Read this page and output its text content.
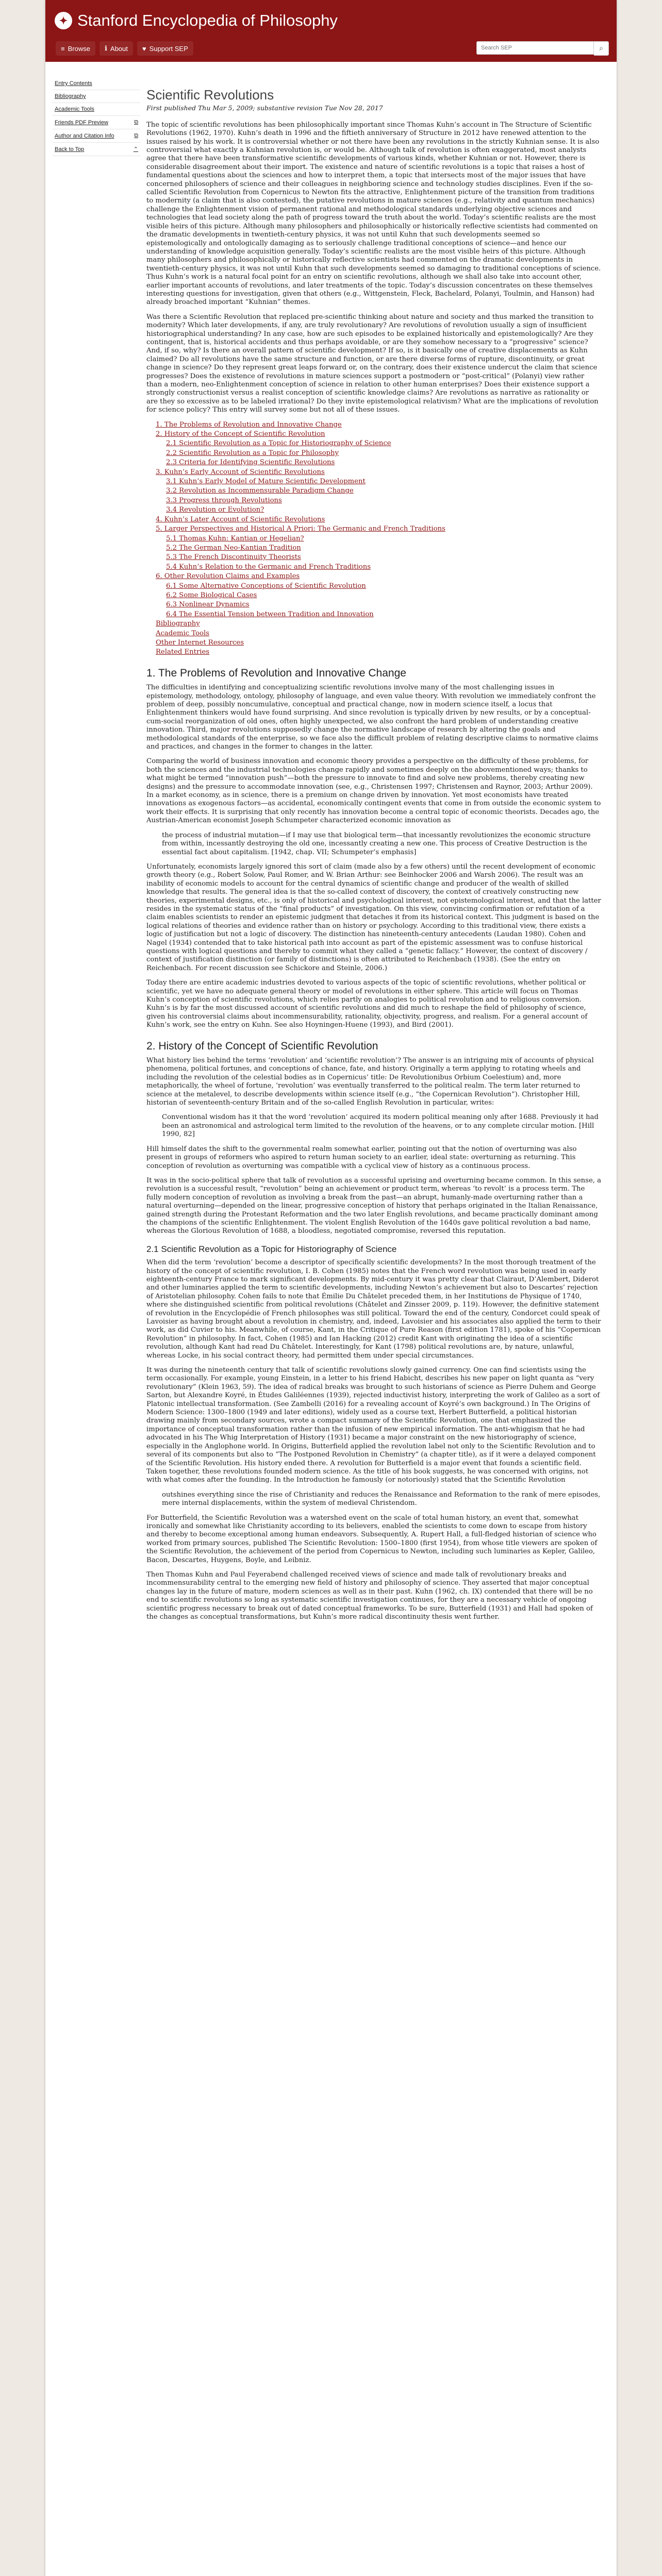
✦ Stanford Encyclopedia of Philosophy
≡ Browse ℹ About ♥ Support SEP
Search SEP	⌕
Entry Contents
Bibliography
Academic Tools
Friends PDF Preview	⧉
Author and Citation Info	⧉
Back to Top	⌃
Scientific Revolutions
First published Thu Mar 5, 2009; substantive revision Tue Nov 28, 2017

The topic of scientific revolutions has been philosophically important since Thomas Kuhn’s account in The Structure of Scientific Revolutions (1962, 1970). Kuhn’s death in 1996 and the fiftieth anniversary of Structure in 2012 have renewed attention to the issues raised by his work. It is controversial whether or not there have been any revolutions in the strictly Kuhnian sense. It is also controversial what exactly a Kuhnian revolution is, or would be. Although talk of revolution is often exaggerated, most analysts agree that there have been transformative scientific developments of various kinds, whether Kuhnian or not. However, there is considerable disagreement about their import. The existence and nature of scientific revolutions is a topic that raises a host of fundamental questions about the sciences and how to interpret them, a topic that intersects most of the major issues that have concerned philosophers of science and their colleagues in neighboring science and technology studies disciplines. Even if the so-called Scientific Revolution from Copernicus to Newton fits the attractive, Enlightenment picture of the transition from traditions to modernity (a claim that is also contested), the putative revolutions in mature sciences (e.g., relativity and quantum mechanics) challenge the Enlightenment vision of permanent rational and methodological standards underlying objective sciences and technologies that lead society along the path of progress toward the truth about the world. Today’s scientific realists are the most visible heirs of this picture. Although many philosophers and philosophically or historically reflective scientists had commented on the dramatic developments in twentieth-century physics, it was not until Kuhn that such developments seemed so epistemologically and ontologically damaging as to seriously challenge traditional conceptions of science—and hence our understanding of knowledge acquisition generally. Today’s scientific realists are the most visible heirs of this picture. Although many philosophers and philosophically or historically reflective scientists had commented on the dramatic developments in twentieth-century physics, it was not until Kuhn that such developments seemed so damaging to traditional conceptions of science. Thus Kuhn’s work is a natural focal point for an entry on scientific revolutions, although we shall also take into account other, earlier important accounts of revolutions, and later treatments of the topic. Today’s discussion concentrates on these themselves interesting questions for investigation, given that others (e.g., Wittgenstein, Fleck, Bachelard, Polanyi, Toulmin, and Hanson) had already broached important “Kuhnian” themes.

Was there a Scientific Revolution that replaced pre-scientific thinking about nature and society and thus marked the transition to modernity? Which later developments, if any, are truly revolutionary? Are revolutions of revolution usually a sign of insufficient historiographical understanding? In any case, how are such episodes to be explained historically and epistemologically? Are they contingent, that is, historical accidents and thus perhaps avoidable, or are they somehow necessary to a “progressive” science? And, if so, why? Is there an overall pattern of scientific development? If so, is it basically one of creative displacements as Kuhn claimed? Do all revolutions have the same structure and function, or are there diverse forms of rupture, discontinuity, or great change in science? Do they represent great leaps forward or, on the contrary, does their existence undercut the claim that science progresses? Does the existence of revolutions in mature sciences support a postmodern or “post-critical” (Polanyi) view rather than a modern, neo-Enlightenment conception of science in relation to other human enterprises? Does their existence support a strongly constructionist versus a realist conception of scientific knowledge claims? Are revolutions as narrative as rationality or are they so excessive as to be labeled irrational? Do they invite epistemological relativism? What are the implications of revolution for science policy? This entry will survey some but not all of these issues.

1. The Problems of Revolution and Innovative Change
2. History of the Concept of Scientific Revolution
2.1 Scientific Revolution as a Topic for Historiography of Science
2.2 Scientific Revolution as a Topic for Philosophy
2.3 Criteria for Identifying Scientific Revolutions
3. Kuhn’s Early Account of Scientific Revolutions
3.1 Kuhn’s Early Model of Mature Scientific Development
3.2 Revolution as Incommensurable Paradigm Change
3.3 Progress through Revolutions
3.4 Revolution or Evolution?
4. Kuhn’s Later Account of Scientific Revolutions
5. Larger Perspectives and Historical A Priori: The Germanic and French Traditions
5.1 Thomas Kuhn: Kantian or Hegelian?
5.2 The German Neo-Kantian Tradition
5.3 The French Discontinuity Theorists
5.4 Kuhn’s Relation to the Germanic and French Traditions
6. Other Revolution Claims and Examples
6.1 Some Alternative Conceptions of Scientific Revolution
6.2 Some Biological Cases
6.3 Nonlinear Dynamics
6.4 The Essential Tension between Tradition and Innovation
Bibliography
Academic Tools
Other Internet Resources
Related Entries
1. The Problems of Revolution and Innovative Change

The difficulties in identifying and conceptualizing scientific revolutions involve many of the most challenging issues in epistemology, methodology, ontology, philosophy of language, and even value theory. With revolution we immediately confront the problem of deep, possibly noncumulative, conceptual and practical change, now in modern science itself, a locus that Enlightenment thinkers would have found surprising. And since revolution is typically driven by new results, or by a conceptual-cum-social reorganization of old ones, often highly unexpected, we also confront the hard problem of understanding creative innovation. Third, major revolutions supposedly change the normative landscape of research by altering the goals and methodological standards of the enterprise, so we face also the difficult problem of relating descriptive claims to normative claims and practices, and changes in the former to changes in the latter.

Comparing the world of business innovation and economic theory provides a perspective on the difficulty of these problems, for both the sciences and the industrial technologies change rapidly and sometimes deeply on the abovementioned ways; thanks to what might be termed “innovation push”—both the pressure to innovate to find and solve new problems, thereby creating new designs) and the pressure to accommodate innovation (see, e.g., Christensen 1997; Christensen and Raynor, 2003; Arthur 2009). In a market economy, as in science, there is a premium on change driven by innovation. Yet most economists have treated innovations as exogenous factors—as accidental, economically contingent events that come in from outside the economic system to work their effects. It is surprising that only recently has innovation become a central topic of economic theorists. Decades ago, the Austrian-American economist Joseph Schumpeter characterized economic innovation as

the process of industrial mutation—if I may use that biological term—that incessantly revolutionizes the economic structure from within, incessantly destroying the old one, incessantly creating a new one. This process of Creative Destruction is the essential fact about capitalism. [1942, chap. VII; Schumpeter’s emphasis]

Unfortunately, economists largely ignored this sort of claim (made also by a few others) until the recent development of economic growth theory (e.g., Robert Solow, Paul Romer, and W. Brian Arthur: see Beinhocker 2006 and Warsh 2006). The result was an inability of economic models to account for the central dynamics of scientific change and producer of the wealth of skilled knowledge that results. The general idea is that the so-called context of discovery, the context of creatively constructing new theories, experimental designs, etc., is only of historical and psychological interest, not epistemological interest, and that the latter resides in the systematic status of the “final products” of investigation. On this view, convincing confirmation or refutation of a claim enables scientists to render an epistemic judgment that detaches it from its historical context. This judgment is based on the logical relations of theories and evidence rather than on history or psychology. According to this traditional view, there exists a logic of justification but not a logic of discovery. The distinction has nineteenth-century antecedents (Laudan 1980). Cohen and Nagel (1934) contended that to take historical path into account as part of the epistemic assessment was to confuse historical questions with logical questions and thereby to commit what they called a “genetic fallacy.” However, the context of discovery / context of justification distinction (or family of distinctions) is often attributed to Reichenbach (1938). (See the entry on Reichenbach. For recent discussion see Schickore and Steinle, 2006.)

Today there are entire academic industries devoted to various aspects of the topic of scientific revolutions, whether political or scientific, yet we have no adequate general theory or model of revolutions in either sphere. This article will focus on Thomas Kuhn’s conception of scientific revolutions, which relies partly on analogies to political revolution and to religious conversion. Kuhn’s is by far the most discussed account of scientific revolutions and did much to reshape the field of philosophy of science, given his controversial claims about incommensurability, rationality, objectivity, progress, and realism. For a general account of Kuhn’s work, see the entry on Kuhn. See also Hoyningen-Huene (1993), and Bird (2001).

2. History of the Concept of Scientific Revolution

What history lies behind the terms ‘revolution’ and ‘scientific revolution’? The answer is an intriguing mix of accounts of physical phenomena, political fortunes, and conceptions of chance, fate, and history. Originally a term applying to rotating wheels and including the revolution of the celestial bodies as in Copernicus’ title: De Revolutionibus Orbium Coelestium) and, more metaphorically, the wheel of fortune, ‘revolution’ was eventually transferred to the political realm. The term later returned to science at the metalevel, to describe developments within science itself (e.g., “the Copernican Revolution”). Christopher Hill, historian of seventeenth-century Britain and of the so-called English Revolution in particular, writes:

Conventional wisdom has it that the word ‘revolution’ acquired its modern political meaning only after 1688. Previously it had been an astronomical and astrological term limited to the revolution of the heavens, or to any complete circular motion. [Hill 1990, 82]

Hill himself dates the shift to the governmental realm somewhat earlier, pointing out that the notion of overturning was also present in groups of reformers who aspired to return human society to an earlier, ideal state: overturning as returning. This conception of revolution as overturning was compatible with a cyclical view of history as a continuous process.

It was in the socio-political sphere that talk of revolution as a successful uprising and overturning became common. In this sense, a revolution is a successful result, “revolution” being an achievement or product term, whereas ‘to revolt’ is a process term. The fully modern conception of revolution as involving a break from the past—an abrupt, humanly-made overturning rather than a natural overturning—depended on the linear, progressive conception of history that perhaps originated in the Italian Renaissance, gained strength during the Protestant Reformation and the two later English revolutions, and became practically dominant among the champions of the scientific Enlightenment. The violent English Revolution of the 1640s gave political revolution a bad name, whereas the Glorious Revolution of 1688, a bloodless, negotiated compromise, reversed this reputation.

2.1 Scientific Revolution as a Topic for Historiography of Science

When did the term ‘revolution’ become a descriptor of specifically scientific developments? In the most thorough treatment of the history of the concept of scientific revolution, I. B. Cohen (1985) notes that the French word revolution was being used in early eighteenth-century France to mark significant developments. By mid-century it was pretty clear that Clairaut, D’Alembert, Diderot and other luminaries applied the term to scientific developments, including Newton’s achievement but also to Descartes’ rejection of Aristotelian philosophy. Cohen fails to note that Émilie Du Châtelet preceded them, in her Institutions de Physique of 1740, where she distinguished scientific from political revolutions (Châtelet and Zinsser 2009, p. 119). However, the definitive statement of revolution in the Encyclopédie of French philosophes was still political. Toward the end of the century, Condorcet could speak of Lavoisier as having brought about a revolution in chemistry, and, indeed, Lavoisier and his associates also applied the term to their work, as did Cuvier to his. Meanwhile, of course, Kant, in the Critique of Pure Reason (first edition 1781), spoke of his “Copernican Revolution” in philosophy. In fact, Cohen (1985) and Ian Hacking (2012) credit Kant with originating the idea of a scientific revolution, although Kant had read Du Châtelet. Interestingly, for Kant (1798) political revolutions are, by nature, unlawful, whereas Locke, in his social contract theory, had permitted them under special circumstances.

It was during the nineteenth century that talk of scientific revolutions slowly gained currency. One can find scientists using the term occasionally. For example, young Einstein, in a letter to his friend Habicht, describes his new paper on light quanta as “very revolutionary” (Klein 1963, 59). The idea of radical breaks was brought to such historians of science as Pierre Duhem and George Sarton, but Alexandre Koyré, in Études Galiléennes (1939), rejected inductivist history, interpreting the work of Galileo as a sort of Platonic intellectual transformation. (See Zambelli (2016) for a revealing account of Koyré’s own background.) In The Origins of Modern Science: 1300–1800 (1949 and later editions), widely used as a course text, Herbert Butterfield, a political historian drawing mainly from secondary sources, wrote a compact summary of the Scientific Revolution, one that emphasized the importance of conceptual transformation rather than the infusion of new empirical information. The anti-whiggism that he had advocated in his The Whig Interpretation of History (1931) became a major constraint on the new historiography of science, especially in the Anglophone world. In Origins, Butterfield applied the revolution label not only to the Scientific Revolution and to several of its components but also to “The Postponed Revolution in Chemistry” (a chapter title), as if it were a delayed component of the Scientific Revolution. His history ended there. A revolution for Butterfield is a major event that founds a scientific field. Taken together, these revolutions founded modern science. As the title of his book suggests, he was concerned with origins, not with what comes after the founding. In the Introduction he famously (or notoriously) stated that the Scientific Revolution

outshines everything since the rise of Christianity and reduces the Renaissance and Reformation to the rank of mere episodes, mere internal displacements, within the system of medieval Christendom.

For Butterfield, the Scientific Revolution was a watershed event on the scale of total human history, an event that, somewhat ironically and somewhat like Christianity according to its believers, enabled the scientists to come down to escape from history and thereby to become exceptional among human endeavors. Subsequently, A. Rupert Hall, a full-fledged historian of science who worked from primary sources, published The Scientific Revolution: 1500–1800 (first 1954), from whose title viewers are spoken of the Scientific Revolution, the achievement of the period from Copernicus to Newton, including such luminaries as Kepler, Galileo, Bacon, Descartes, Huygens, Boyle, and Leibniz.

Then Thomas Kuhn and Paul Feyerabend challenged received views of science and made talk of revolutionary breaks and incommensurability central to the emerging new field of history and philosophy of science. They asserted that major conceptual changes lay in the future of mature, modern sciences as well as in their past. Kuhn (1962, ch. IX) contended that there will be no end to scientific revolutions so long as systematic scientific investigation continues, for they are a necessary vehicle of ongoing scientific progress necessary to break out of dated conceptual frameworks. To be sure, Butterfield (1931) and Hall had spoken of the changes as conceptual transformations, but Kuhn’s more radical discontinuity thesis went further.
